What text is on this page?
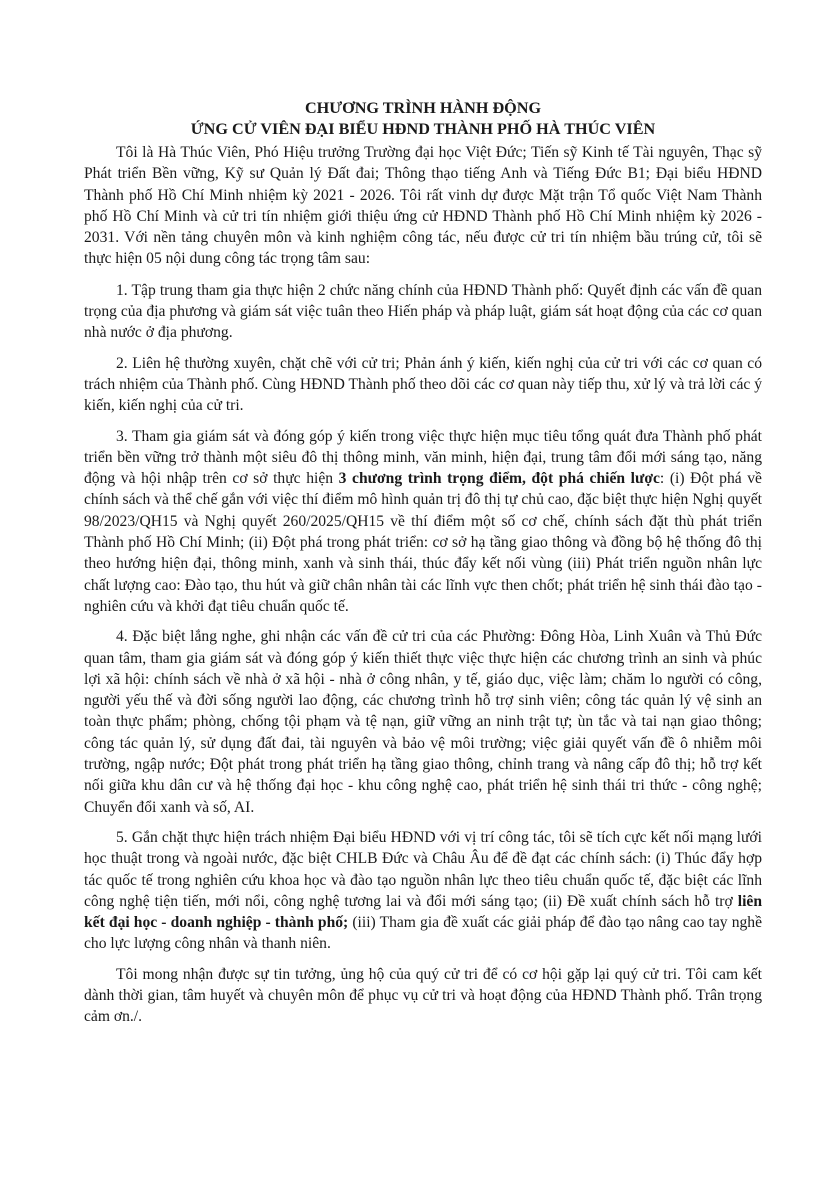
CHƯƠNG TRÌNH HÀNH ĐỘNG

ỨNG CỬ VIÊN ĐẠI BIỂU HĐND THÀNH PHỐ HÀ THÚC VIÊN

Tôi là Hà Thúc Viên, Phó Hiệu trưởng Trường đại học Việt Đức; Tiến sỹ Kinh tế Tài nguyên, Thạc sỹ Phát triển Bền vững, Kỹ sư Quản lý Đất đai; Thông thạo tiếng Anh và Tiếng Đức B1; Đại biểu HĐND Thành phố Hồ Chí Minh nhiệm kỳ 2021 - 2026. Tôi rất vinh dự được Mặt trận Tổ quốc Việt Nam Thành phố Hồ Chí Minh và cử tri tín nhiệm giới thiệu ứng cử HĐND Thành phố Hồ Chí Minh nhiệm kỳ 2026 - 2031. Với nền tảng chuyên môn và kinh nghiệm công tác, nếu được cử tri tín nhiệm bầu trúng cử, tôi sẽ thực hiện 05 nội dung công tác trọng tâm sau:

1. Tập trung tham gia thực hiện 2 chức năng chính của HĐND Thành phố: Quyết định các vấn đề quan trọng của địa phương và giám sát việc tuân theo Hiến pháp và pháp luật, giám sát hoạt động của các cơ quan nhà nước ở địa phương.

2. Liên hệ thường xuyên, chặt chẽ với cử tri; Phản ánh ý kiến, kiến nghị của cử tri với các cơ quan có trách nhiệm của Thành phố. Cùng HĐND Thành phố theo dõi các cơ quan này tiếp thu, xử lý và trả lời các ý kiến, kiến nghị của cử tri.

3. Tham gia giám sát và đóng góp ý kiến trong việc thực hiện mục tiêu tổng quát đưa Thành phố phát triển bền vững trở thành một siêu đô thị thông minh, văn minh, hiện đại, trung tâm đổi mới sáng tạo, năng động và hội nhập trên cơ sở thực hiện 3 chương trình trọng điểm, đột phá chiến lược: (i) Đột phá về chính sách và thể chế gắn với việc thí điểm mô hình quản trị đô thị tự chủ cao, đặc biệt thực hiện Nghị quyết 98/2023/QH15 và Nghị quyết 260/2025/QH15 về thí điểm một số cơ chế, chính sách đặt thù phát triển Thành phố Hồ Chí Minh; (ii) Đột phá trong phát triển: cơ sở hạ tầng giao thông và đồng bộ hệ thống đô thị theo hướng hiện đại, thông minh, xanh và sinh thái, thúc đẩy kết nối vùng (iii) Phát triển nguồn nhân lực chất lượng cao: Đào tạo, thu hút và giữ chân nhân tài các lĩnh vực then chốt; phát triển hệ sinh thái đào tạo - nghiên cứu và khởi đạt tiêu chuẩn quốc tế.

4. Đặc biệt lắng nghe, ghi nhận các vấn đề cử tri của các Phường: Đông Hòa, Linh Xuân và Thủ Đức quan tâm, tham gia giám sát và đóng góp ý kiến thiết thực việc thực hiện các chương trình an sinh và phúc lợi xã hội: chính sách về nhà ở xã hội - nhà ở công nhân, y tế, giáo dục, việc làm; chăm lo người có công, người yếu thế và đời sống người lao động, các chương trình hỗ trợ sinh viên; công tác quản lý vệ sinh an toàn thực phẩm; phòng, chống tội phạm và tệ nạn, giữ vững an ninh trật tự; ùn tắc và tai nạn giao thông; công tác quản lý, sử dụng đất đai, tài nguyên và bảo vệ môi trường; việc giải quyết vấn đề ô nhiễm môi trường, ngập nước; Đột phát trong phát triển hạ tầng giao thông, chỉnh trang và nâng cấp đô thị; hỗ trợ kết nối giữa khu dân cư và hệ thống đại học - khu công nghệ cao, phát triển hệ sinh thái tri thức - công nghệ; Chuyển đổi xanh và số, AI.

5. Gắn chặt thực hiện trách nhiệm Đại biểu HĐND với vị trí công tác, tôi sẽ tích cực kết nối mạng lưới học thuật trong và ngoài nước, đặc biệt CHLB Đức và Châu Âu để đề đạt các chính sách: (i) Thúc đẩy hợp tác quốc tế trong nghiên cứu khoa học và đào tạo nguồn nhân lực theo tiêu chuẩn quốc tế, đặc biệt các lĩnh công nghệ tiện tiến, mới nổi, công nghệ tương lai và đổi mới sáng tạo; (ii) Đề xuất chính sách hỗ trợ liên kết đại học - doanh nghiệp - thành phố; (iii) Tham gia đề xuất các giải pháp để đào tạo nâng cao tay nghề cho lực lượng công nhân và thanh niên.

Tôi mong nhận được sự tin tưởng, ủng hộ của quý cử tri để có cơ hội gặp lại quý cử tri. Tôi cam kết dành thời gian, tâm huyết và chuyên môn để phục vụ cử tri và hoạt động của HĐND Thành phố. Trân trọng cảm ơn./.
